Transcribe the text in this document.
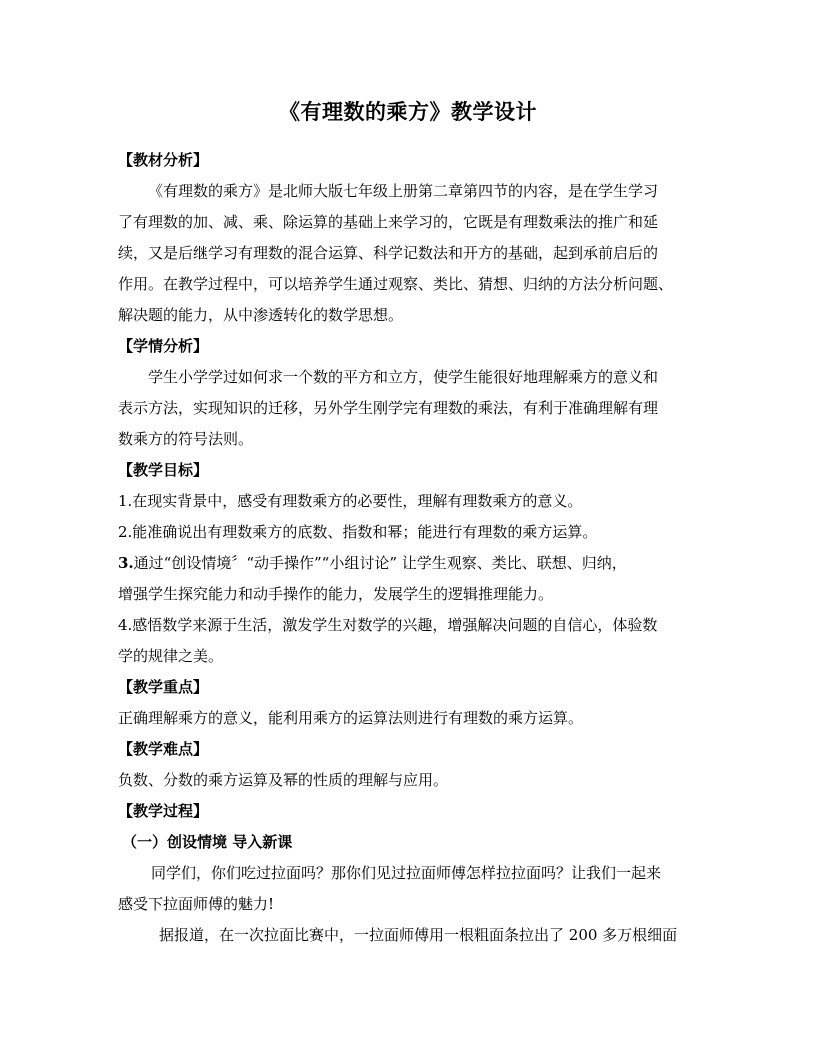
《有理数的乘方》教学设计
【教材分析】
《有理数的乘方》是北师大版七年级上册第二章第四节的内容，是在学生学习
了有理数的加、减、乘、除运算的基础上来学习的，它既是有理数乘法的推广和延
续，又是后继学习有理数的混合运算、科学记数法和开方的基础，起到承前启后的
作用。在教学过程中，可以培养学生通过观察、类比、猜想、归纳的方法分析问题、
解决题的能力，从中渗透转化的数学思想。
【学情分析】
学生小学学过如何求一个数的平方和立方，使学生能很好地理解乘方的意义和
表示方法，实现知识的迁移，另外学生刚学完有理数的乘法，有利于准确理解有理
数乘方的符号法则。
【教学目标】
1.在现实背景中，感受有理数乘方的必要性，理解有理数乘方的意义。
2.能准确说出有理数乘方的底数、指数和幂；能进行有理数的乘方运算。
3.通过“创设情境〞“动手操作”“小组讨论” 让学生观察、类比、联想、归纳，
增强学生探究能力和动手操作的能力，发展学生的逻辑推理能力。
4.感悟数学来源于生活，激发学生对数学的兴趣，增强解决问题的自信心，体验数
学的规律之美。
【教学重点】
正确理解乘方的意义，能利用乘方的运算法则进行有理数的乘方运算。
【教学难点】
负数、分数的乘方运算及幂的性质的理解与应用。
【教学过程】
（一）创设情境 导入新课
同学们，你们吃过拉面吗？那你们见过拉面师傅怎样拉拉面吗？让我们一起来
感受下拉面师傅的魅力!
据报道，在一次拉面比赛中，一拉面师傅用一根粗面条拉出了 200 多万根细面
